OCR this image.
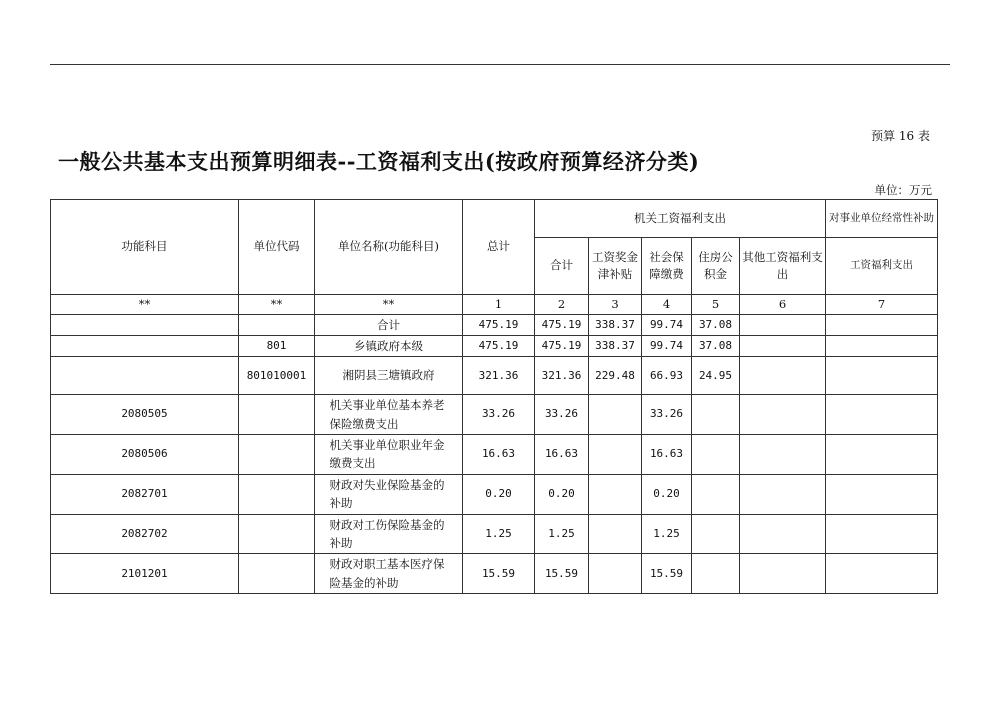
预算 16 表
一般公共基本支出预算明细表--工资福利支出(按政府预算经济分类)
单位：万元
功能科目	单位代码	单位名称(功能科目)	总计	机关工资福利支出					对事业单位经常性补助
				合计	工资奖金津补贴	社会保障缴费	住房公积金	其他工资福利支出	工资福利支出
**	**	**	1	2	3	4	5	6	7
		合计	475.19	475.19	338.37	99.74	37.08		
	801	乡镇政府本级	475.19	475.19	338.37	99.74	37.08		
	801010001	湘阴县三塘镇政府	321.36	321.36	229.48	66.93	24.95		
2080505		机关事业单位基本养老保险缴费支出	33.26	33.26		33.26			
2080506		机关事业单位职业年金缴费支出	16.63	16.63		16.63			
2082701		财政对失业保险基金的补助	0.20	0.20		0.20			
2082702		财政对工伤保险基金的补助	1.25	1.25		1.25			
2101201		财政对职工基本医疗保险基金的补助	15.59	15.59		15.59			
